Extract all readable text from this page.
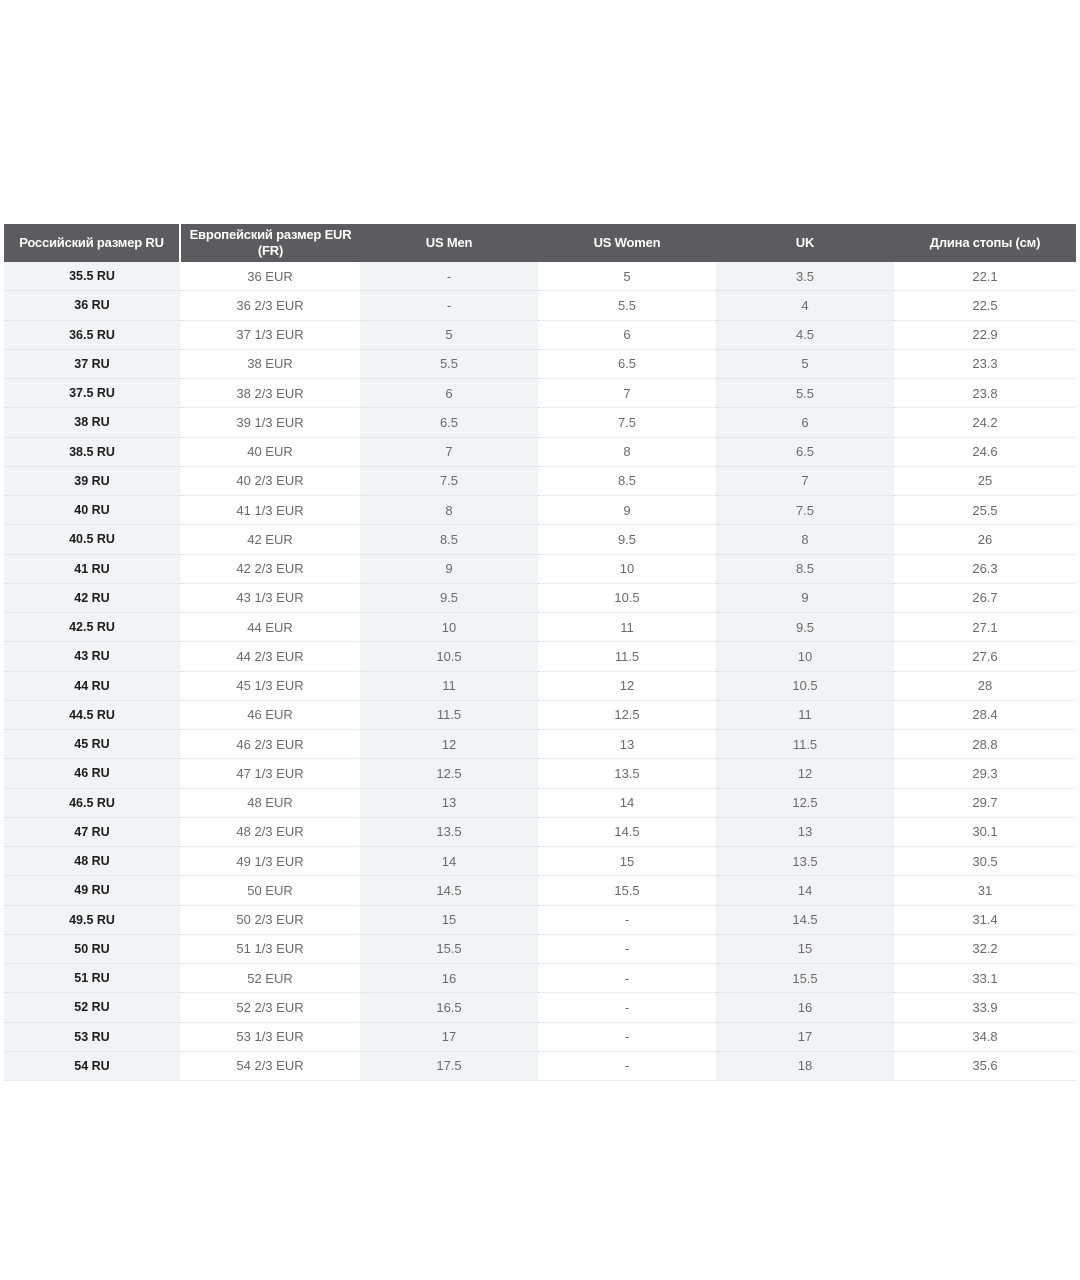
Российский размер RU	Европейский размер EUR (FR)	US Men	US Women	UK	Длина стопы (см)
35.5 RU	36 EUR	-	5	3.5	22.1
36 RU	36 2/3 EUR	-	5.5	4	22.5
36.5 RU	37 1/3 EUR	5	6	4.5	22.9
37 RU	38 EUR	5.5	6.5	5	23.3
37.5 RU	38 2/3 EUR	6	7	5.5	23.8
38 RU	39 1/3 EUR	6.5	7.5	6	24.2
38.5 RU	40 EUR	7	8	6.5	24.6
39 RU	40 2/3 EUR	7.5	8.5	7	25
40 RU	41 1/3 EUR	8	9	7.5	25.5
40.5 RU	42 EUR	8.5	9.5	8	26
41 RU	42 2/3 EUR	9	10	8.5	26.3
42 RU	43 1/3 EUR	9.5	10.5	9	26.7
42.5 RU	44 EUR	10	11	9.5	27.1
43 RU	44 2/3 EUR	10.5	11.5	10	27.6
44 RU	45 1/3 EUR	11	12	10.5	28
44.5 RU	46 EUR	11.5	12.5	11	28.4
45 RU	46 2/3 EUR	12	13	11.5	28.8
46 RU	47 1/3 EUR	12.5	13.5	12	29.3
46.5 RU	48 EUR	13	14	12.5	29.7
47 RU	48 2/3 EUR	13.5	14.5	13	30.1
48 RU	49 1/3 EUR	14	15	13.5	30.5
49 RU	50 EUR	14.5	15.5	14	31
49.5 RU	50 2/3 EUR	15	-	14.5	31.4
50 RU	51 1/3 EUR	15.5	-	15	32.2
51 RU	52 EUR	16	-	15.5	33.1
52 RU	52 2/3 EUR	16.5	-	16	33.9
53 RU	53 1/3 EUR	17	-	17	34.8
54 RU	54 2/3 EUR	17.5	-	18	35.6
